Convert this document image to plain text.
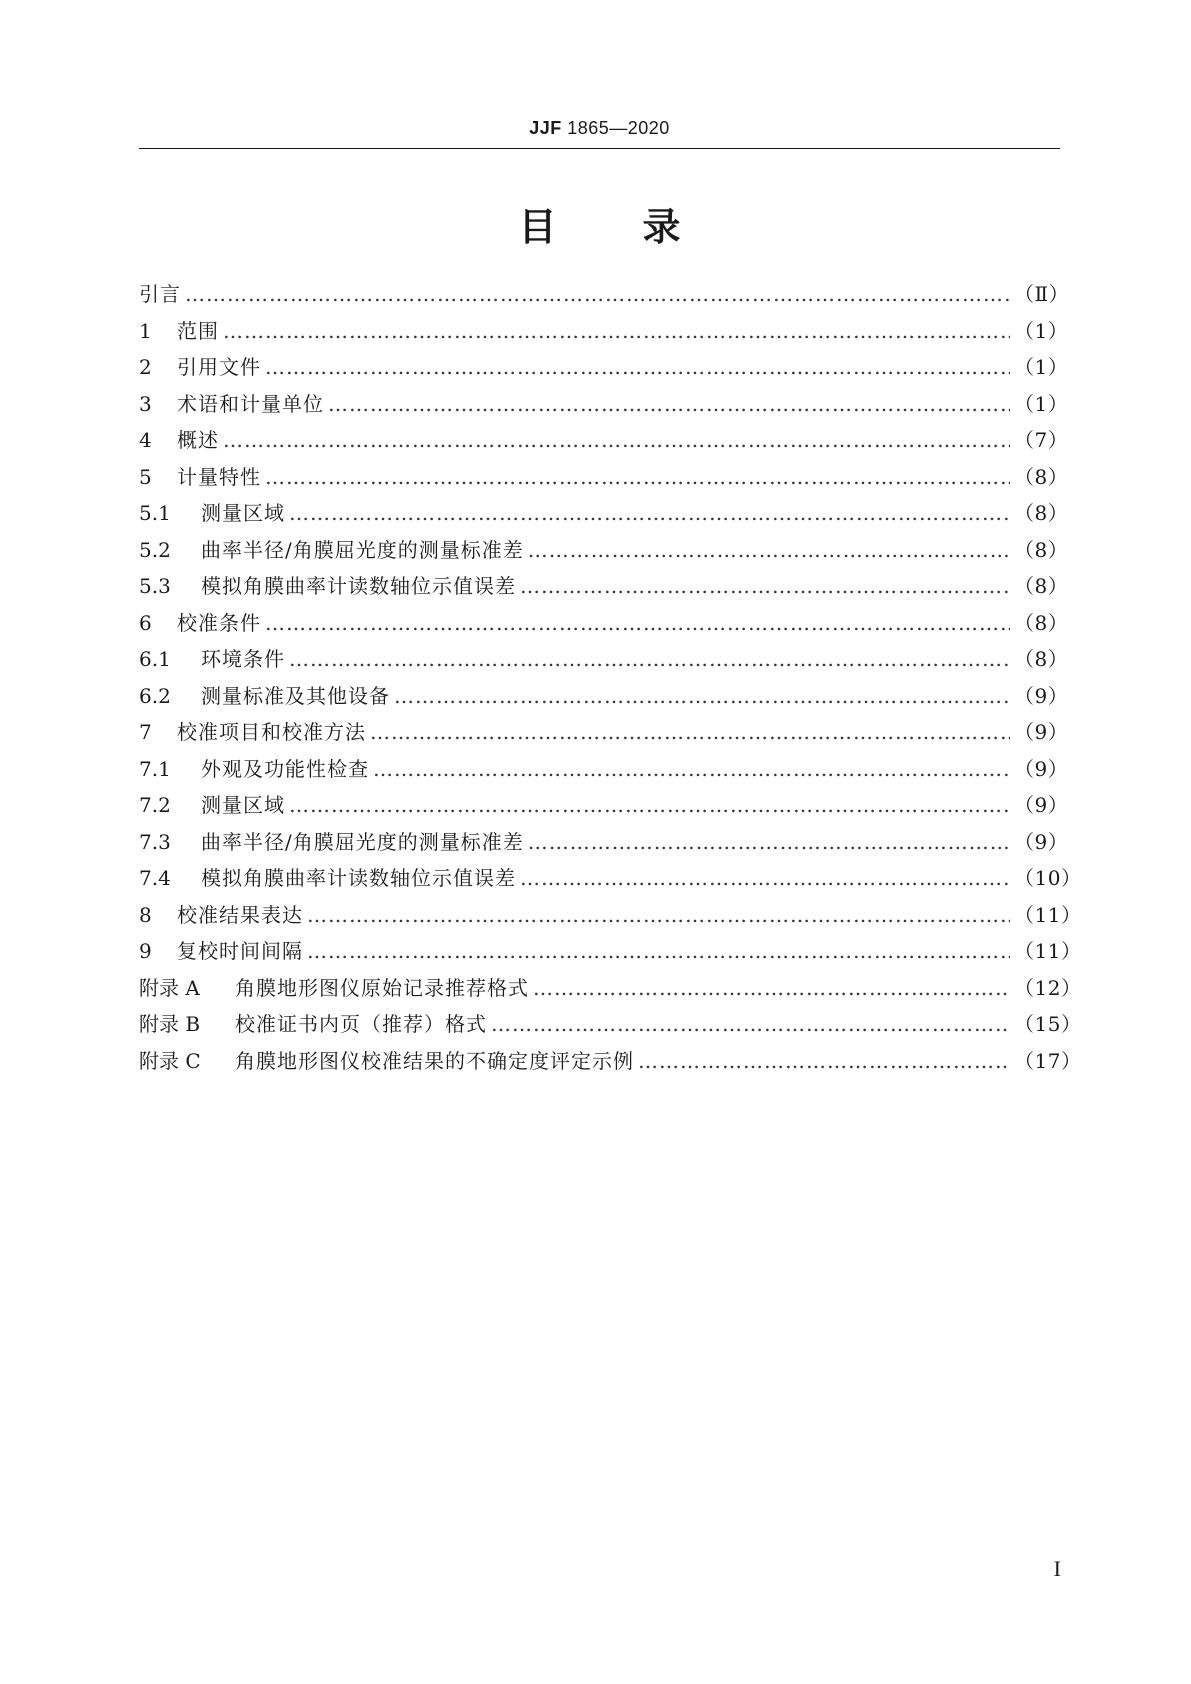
JJF 1865—2020
目 录
引言 …………………………………………………………………………………………………………………………………………………………………………………………	（Ⅱ）
1	范围 …………………………………………………………………………………………………………………………………………………………………………………………	（1）
2	引用文件 …………………………………………………………………………………………………………………………………………………………………………………………	（1）
3	术语和计量单位 …………………………………………………………………………………………………………………………………………………………………………………………	（1）
4	概述 …………………………………………………………………………………………………………………………………………………………………………………………	（7）
5	计量特性 …………………………………………………………………………………………………………………………………………………………………………………………	（8）
5.1	测量区域 …………………………………………………………………………………………………………………………………………………………………………………………	（8）
5.2	曲率半径/角膜屈光度的测量标准差 …………………………………………………………………………………………………………………………………………………………………………………………	（8）
5.3	模拟角膜曲率计读数轴位示值误差 …………………………………………………………………………………………………………………………………………………………………………………………	（8）
6	校准条件 …………………………………………………………………………………………………………………………………………………………………………………………	（8）
6.1	环境条件 …………………………………………………………………………………………………………………………………………………………………………………………	（8）
6.2	测量标准及其他设备 …………………………………………………………………………………………………………………………………………………………………………………………	（9）
7	校准项目和校准方法 …………………………………………………………………………………………………………………………………………………………………………………………	（9）
7.1	外观及功能性检查 …………………………………………………………………………………………………………………………………………………………………………………………	（9）
7.2	测量区域 …………………………………………………………………………………………………………………………………………………………………………………………	（9）
7.3	曲率半径/角膜屈光度的测量标准差 …………………………………………………………………………………………………………………………………………………………………………………………	（9）
7.4	模拟角膜曲率计读数轴位示值误差 …………………………………………………………………………………………………………………………………………………………………………………………	（10）
8	校准结果表达 …………………………………………………………………………………………………………………………………………………………………………………………	（11）
9	复校时间间隔 …………………………………………………………………………………………………………………………………………………………………………………………	（11）
附录 A	角膜地形图仪原始记录推荐格式 …………………………………………………………………………………………………………………………………………………………………………………………	（12）
附录 B	校准证书内页（推荐）格式 …………………………………………………………………………………………………………………………………………………………………………………………	（15）
附录 C	角膜地形图仪校准结果的不确定度评定示例 …………………………………………………………………………………………………………………………………………………………………………………………	（17）
I
